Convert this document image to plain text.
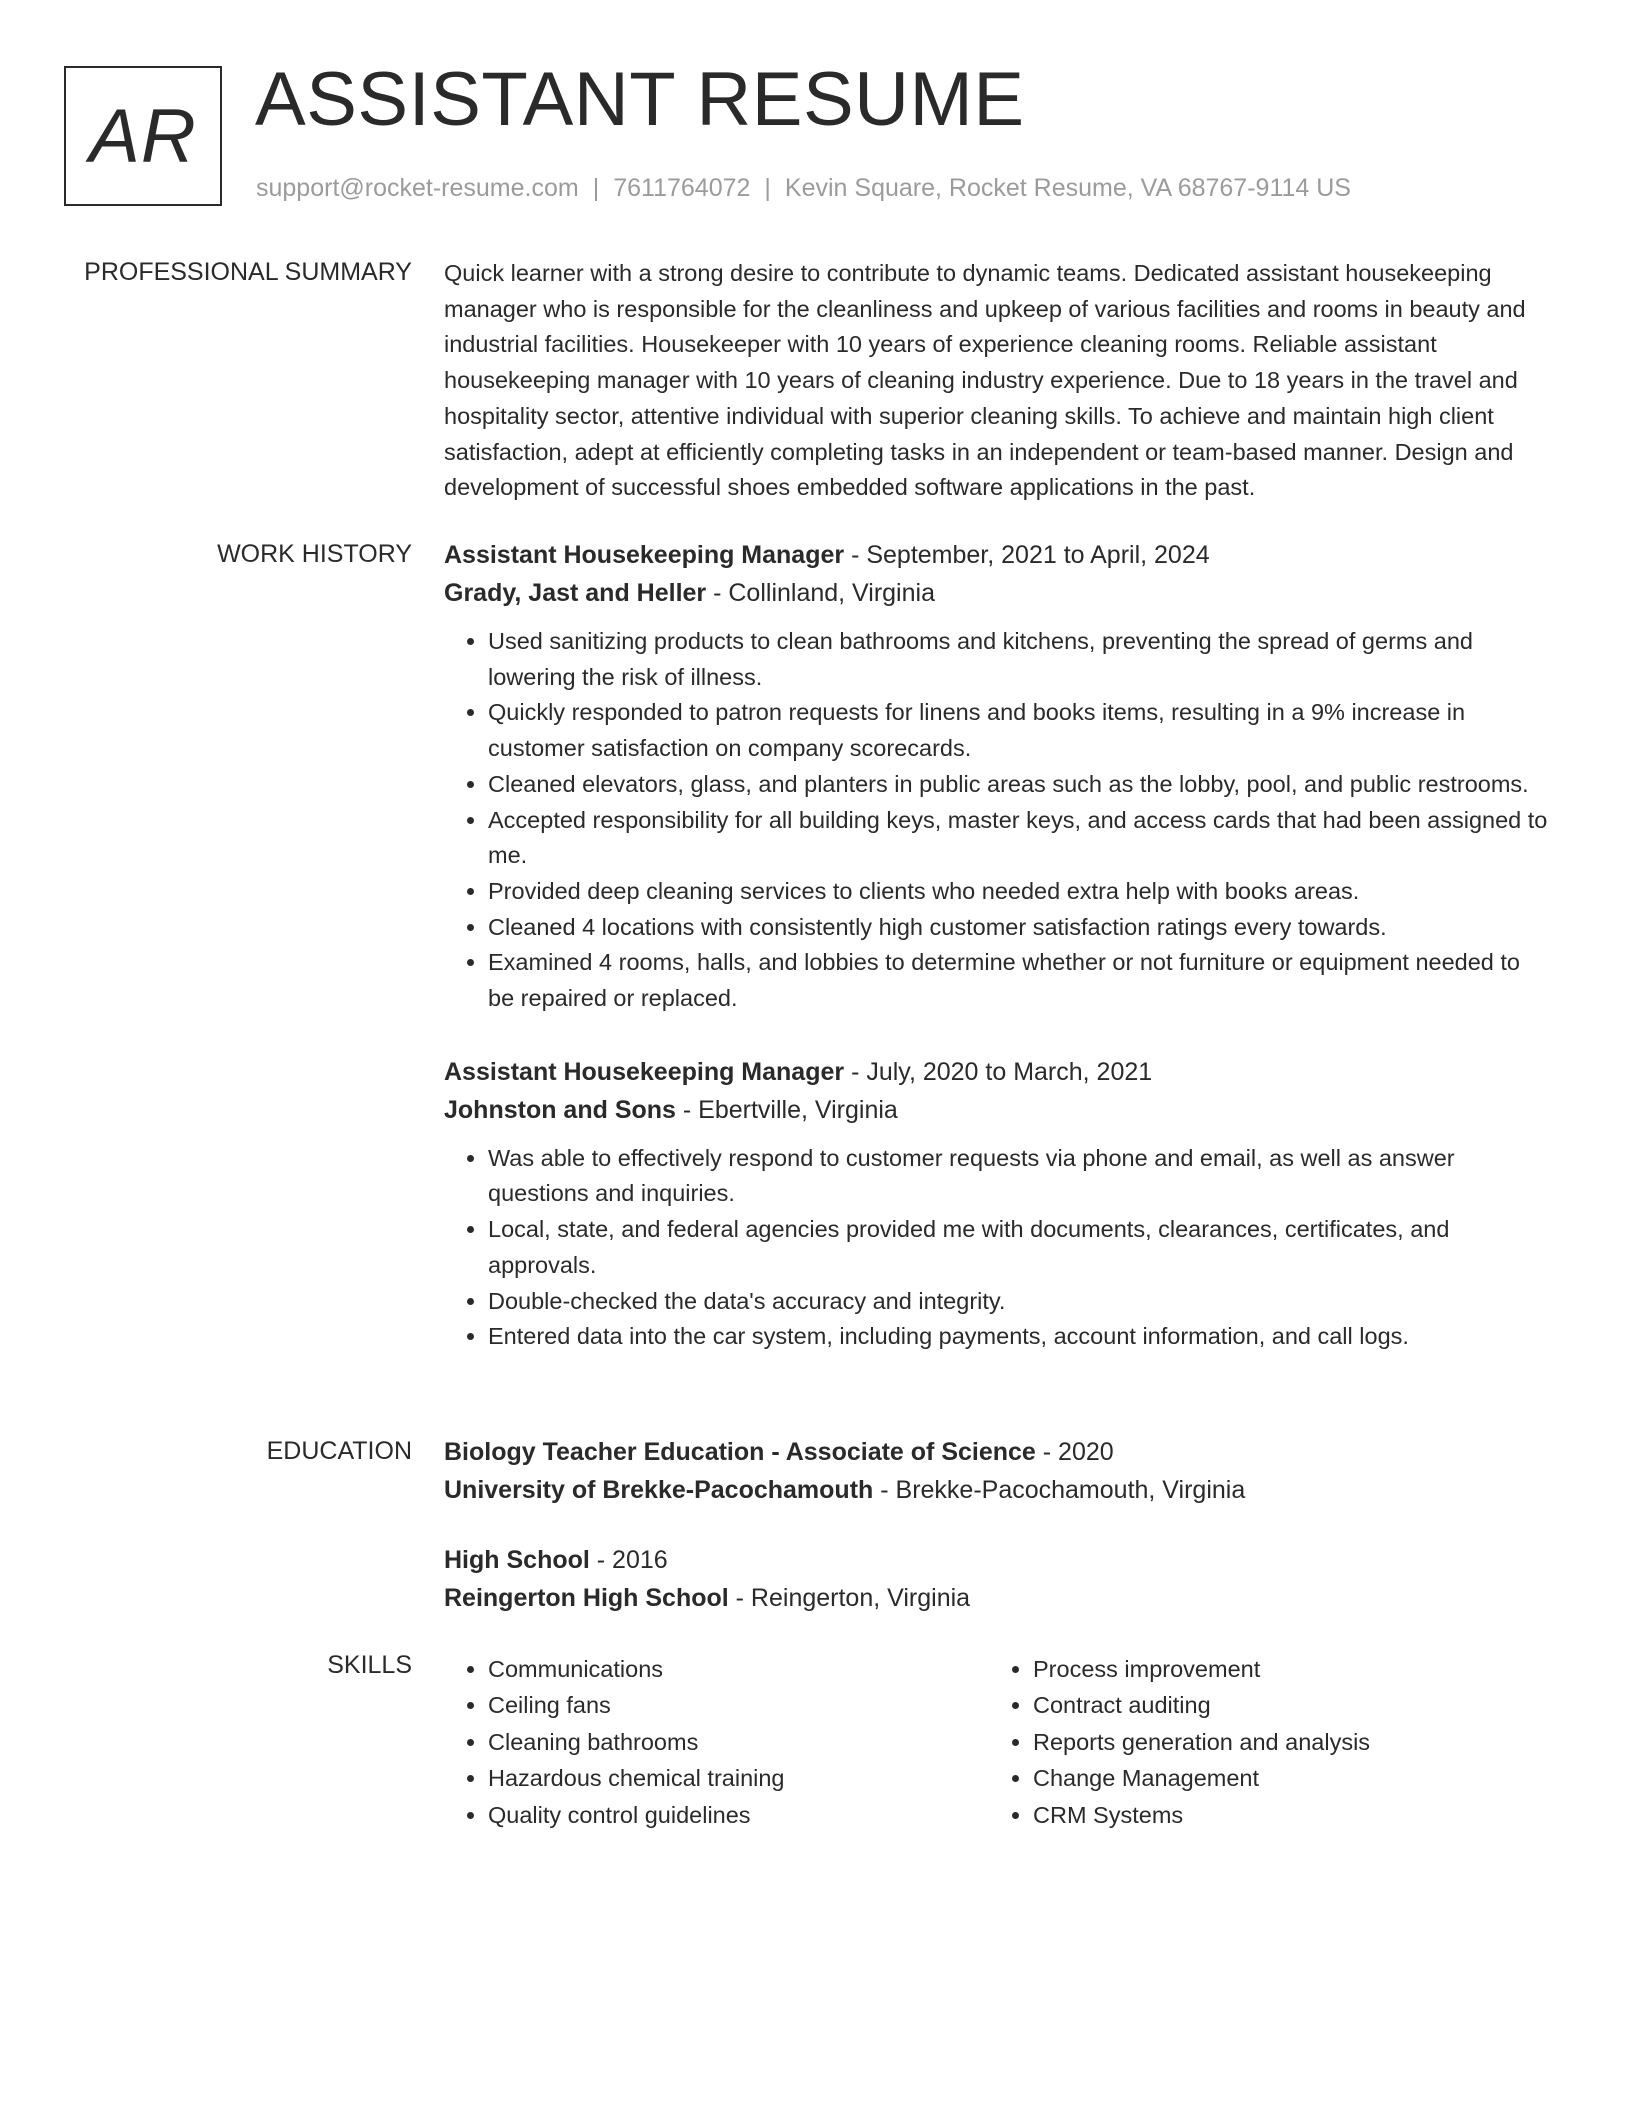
AR ASSISTANT RESUME
support@rocket-resume.com | 7611764072 | Kevin Square, Rocket Resume, VA 68767-9114 US
PROFESSIONAL SUMMARY Quick learner with a strong desire to contribute to dynamic teams. Dedicated assistant housekeeping manager who is responsible for the cleanliness and upkeep of various facilities and rooms in beauty and industrial facilities. Housekeeper with 10 years of experience cleaning rooms. Reliable assistant housekeeping manager with 10 years of cleaning industry experience. Due to 18 years in the travel and hospitality sector, attentive individual with superior cleaning skills. To achieve and maintain high client satisfaction, adept at efficiently completing tasks in an independent or team-based manner. Design and development of successful shoes embedded software applications in the past.

WORK HISTORY Assistant Housekeeping Manager - September, 2021 to April, 2024
Grady, Jast and Heller - Collinland, Virginia
• Used sanitizing products to clean bathrooms and kitchens, preventing the spread of germs and lowering the risk of illness.
• Quickly responded to patron requests for linens and books items, resulting in a 9% increase in customer satisfaction on company scorecards.
• Cleaned elevators, glass, and planters in public areas such as the lobby, pool, and public restrooms.
• Accepted responsibility for all building keys, master keys, and access cards that had been assigned to me.
• Provided deep cleaning services to clients who needed extra help with books areas.
• Cleaned 4 locations with consistently high customer satisfaction ratings every towards.
• Examined 4 rooms, halls, and lobbies to determine whether or not furniture or equipment needed to be repaired or replaced.
Assistant Housekeeping Manager - July, 2020 to March, 2021
Johnston and Sons - Ebertville, Virginia
• Was able to effectively respond to customer requests via phone and email, as well as answer questions and inquiries.
• Local, state, and federal agencies provided me with documents, clearances, certificates, and approvals.
• Double-checked the data's accuracy and integrity.
• Entered data into the car system, including payments, account information, and call logs.
EDUCATION Biology Teacher Education - Associate of Science - 2020
University of Brekke-Pacochamouth - Brekke-Pacochamouth, Virginia
High School - 2016
Reingerton High School - Reingerton, Virginia
SKILLS
•	Communications
• Ceiling fans
• Cleaning bathrooms
• Hazardous chemical training
• Quality control guidelines
• Process improvement
• Contract auditing
• Reports generation and analysis
• Change Management
• CRM Systems
